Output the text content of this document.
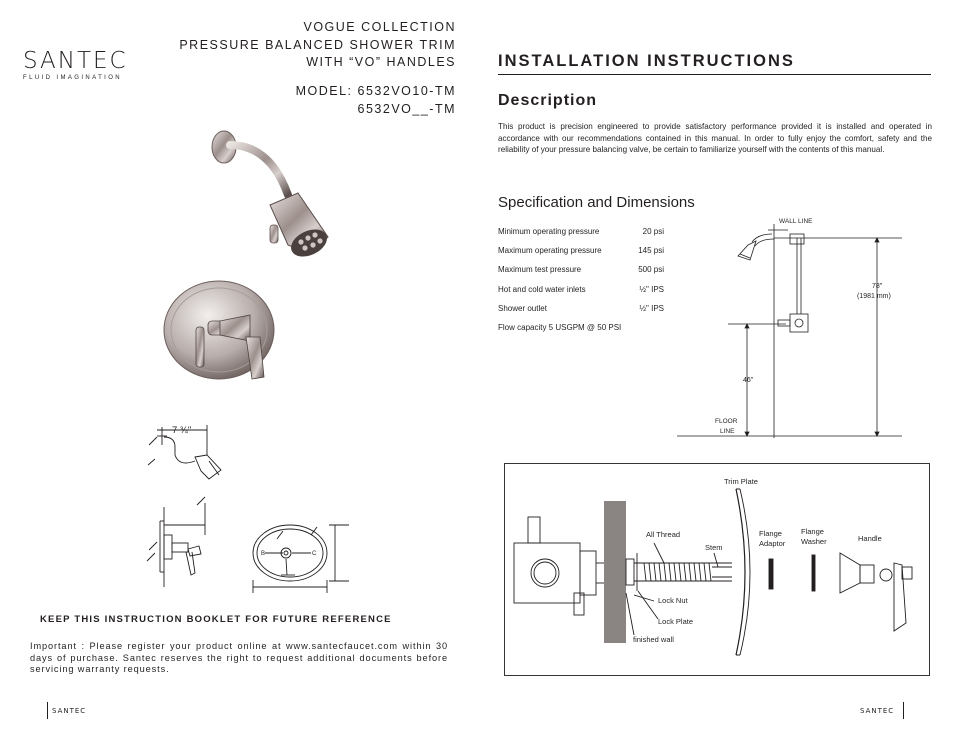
SANTEC
FLUID IMAGINATION
VOGUE COLLECTION
PRESSURE BALANCED SHOWER TRIM
WITH “VO” HANDLES
MODEL: 6532VO10-TM
6532VO__-TM
B	C
7 ¾"
INSTALLATION INSTRUCTIONS
Description
This product is precision engineered to provide satisfactory performance provided it is installed and operated in accordance with our recommendations contained in this manual. In order to fully enjoy the comfort, safety and the reliability of your pressure balancing valve, be certain to familiarize yourself with the contents of this manual.
Specification and Dimensions
Minimum operating pressure	20 psi
Maximum operating pressure	145 psi
Maximum test pressure	500 psi
Hot and cold water inlets	½" IPS
Shower outlet	½" IPS
Flow capacity 5 USGPM @ 50 PSI
WALL LINE
FLOOR
LINE
78"
(1981 mm)
46"
Trim Plate
All Thread
Stem
Flange
Adaptor
Flange
Washer	Handle
Lock Nut
Lock Plate
finished wall
KEEP THIS INSTRUCTION BOOKLET FOR FUTURE REFERENCE
Important : Please register your product online at www.santecfaucet.com within 30 days of purchase. Santec reserves the right to request additional documents before servicing warranty requests.
SANTEC	SANTEC
